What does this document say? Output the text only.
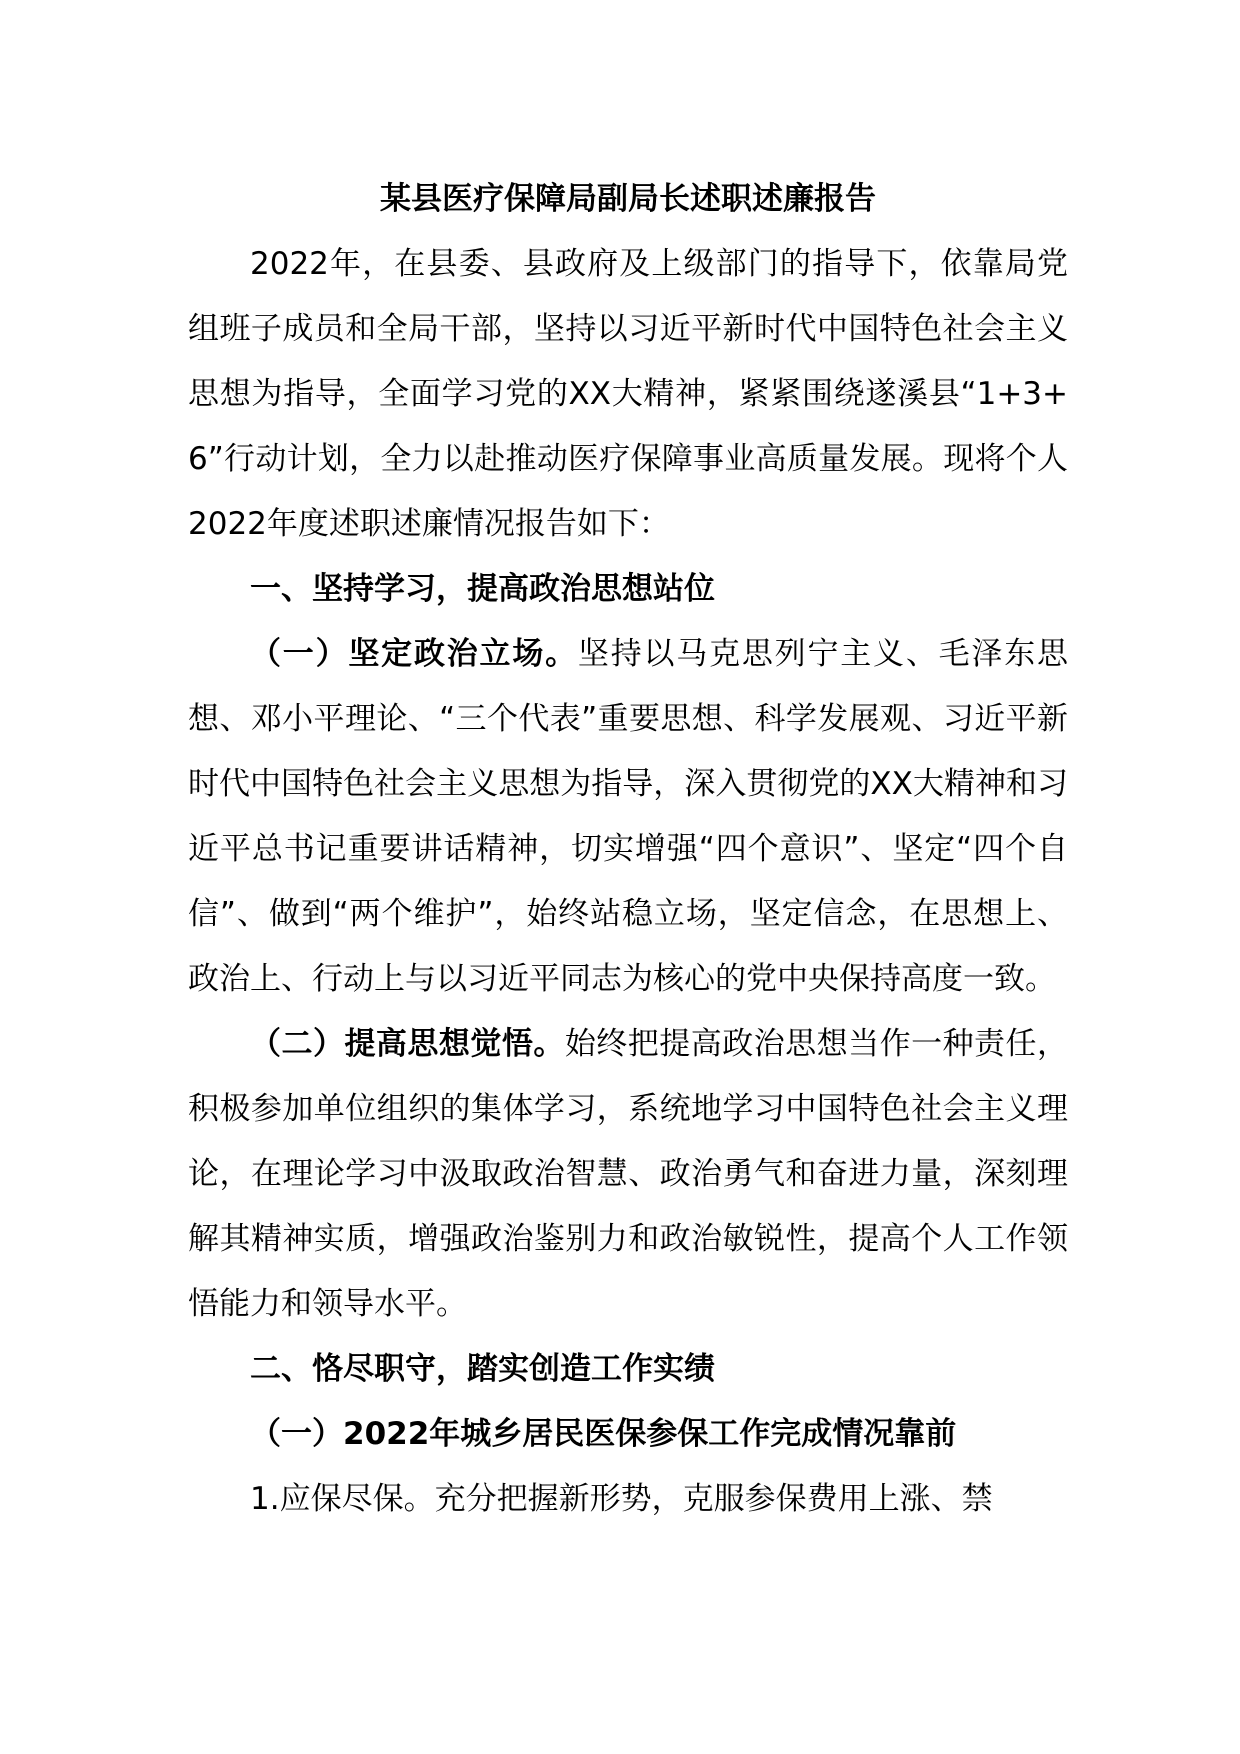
某县医疗保障局副局长述职述廉报告

2022年，在县委、县政府及上级部门的指导下，依靠局党组班子成员和全局干部，坚持以习近平新时代中国特色社会主义思想为指导，全面学习党的XX大精神，紧紧围绕遂溪县“1+3+6”行动计划，全力以赴推动医疗保障事业高质量发展。现将个人2022年度述职述廉情况报告如下：

一、坚持学习，提高政治思想站位

（一）坚定政治立场。坚持以马克思列宁主义、毛泽东思想、邓小平理论、“三个代表”重要思想、科学发展观、习近平新时代中国特色社会主义思想为指导，深入贯彻党的XX大精神和习近平总书记重要讲话精神，切实增强“四个意识”、坚定“四个自信”、做到“两个维护”，始终站稳立场，坚定信念，在思想上、政治上、行动上与以习近平同志为核心的党中央保持高度一致。

（二）提高思想觉悟。始终把提高政治思想当作一种责任，积极参加单位组织的集体学习，系统地学习中国特色社会主义理论，在理论学习中汲取政治智慧、政治勇气和奋进力量，深刻理解其精神实质，增强政治鉴别力和政治敏锐性，提高个人工作领悟能力和领导水平。

二、恪尽职守，踏实创造工作实绩

（一）2022年城乡居民医保参保工作完成情况靠前

1.应保尽保。充分把握新形势，克服参保费用上涨、禁
